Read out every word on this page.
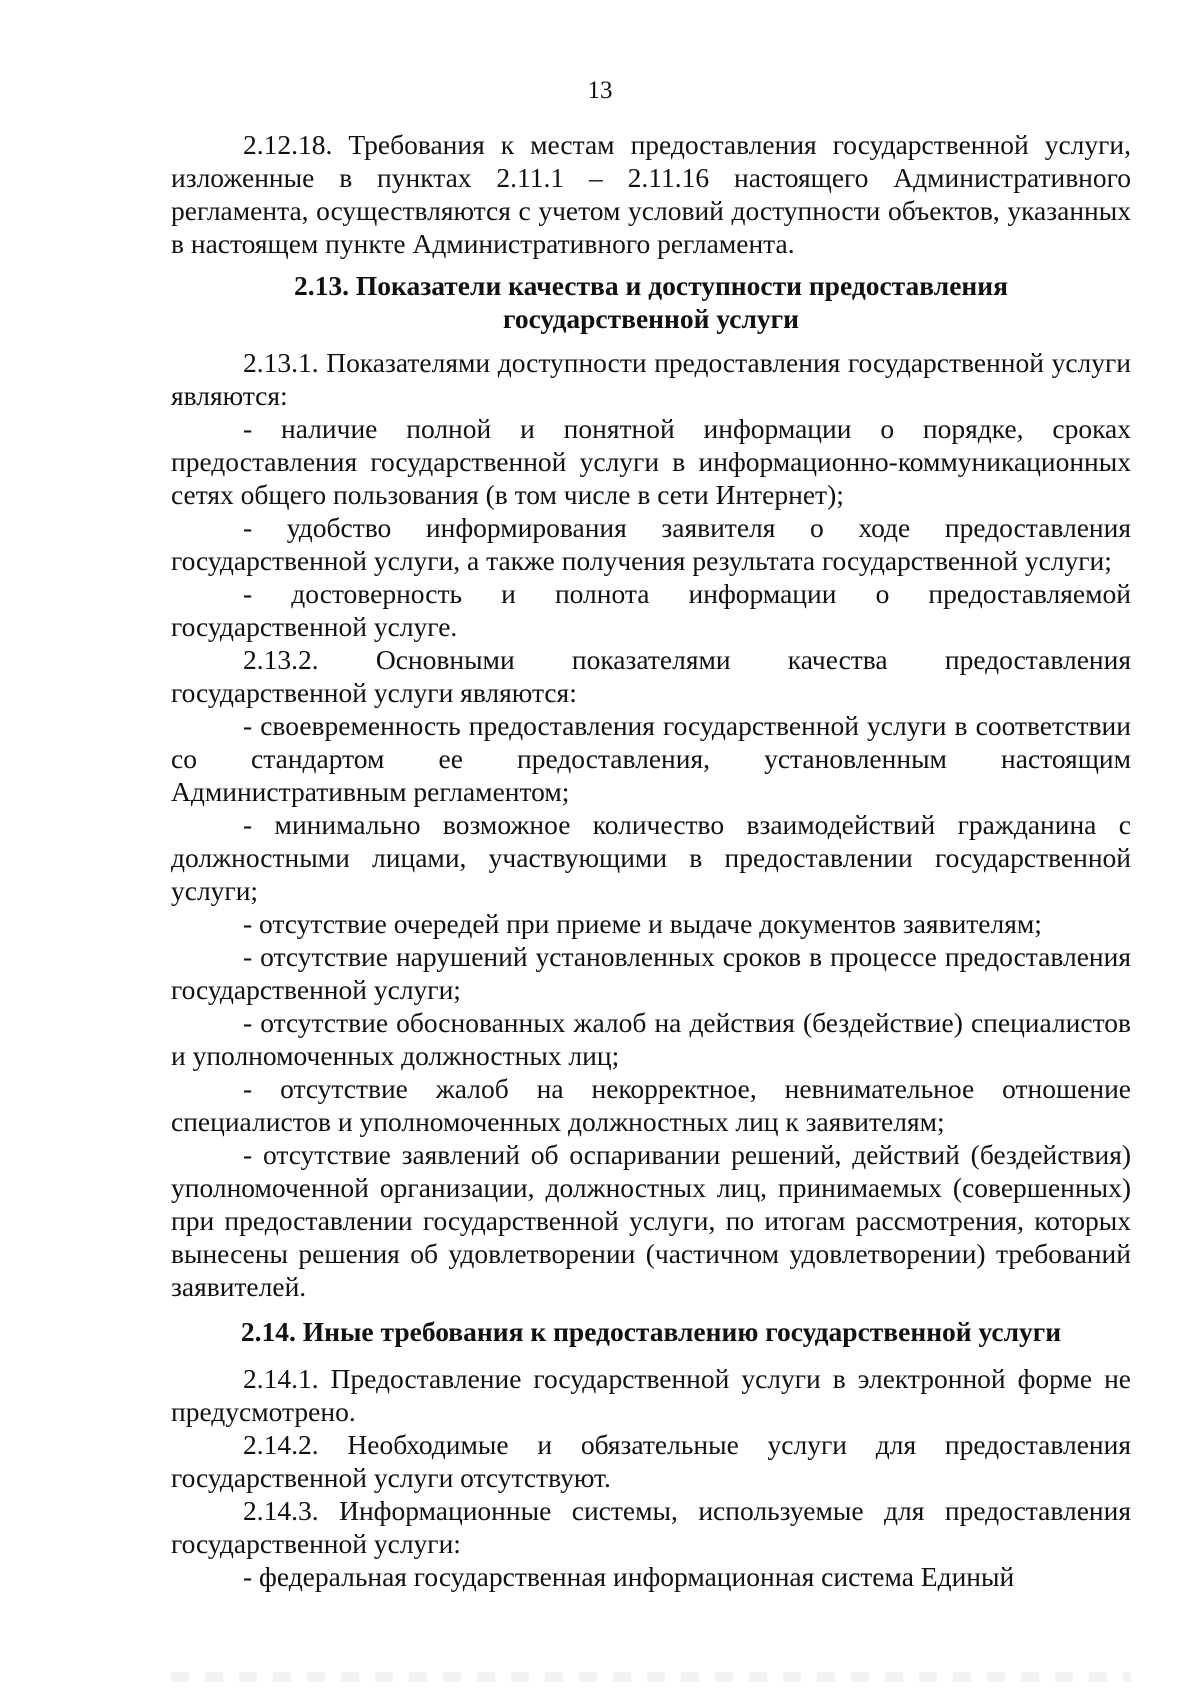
13

2.12.18. Требования к местам предоставления государственной услуги, изложенные в пунктах 2.11.1 – 2.11.16 настоящего Административного регламента, осуществляются с учетом условий доступности объектов, указанных в настоящем пункте Административного регламента.

2.13. Показатели качества и доступности предоставления
государственной услуги

2.13.1. Показателями доступности предоставления государственной услуги являются:

- наличие полной и понятной информации о порядке, сроках предоставления государственной услуги в информационно-коммуникационных сетях общего пользования (в том числе в сети Интернет);

- удобство информирования заявителя о ходе предоставления государственной услуги, а также получения результата государственной услуги;

- достоверность и полнота информации о предоставляемой государственной услуге.

2.13.2. Основными показателями качества предоставления государственной услуги являются:

- своевременность предоставления государственной услуги в соответствии со стандартом ее предоставления, установленным настоящим Административным регламентом;

- минимально возможное количество взаимодействий гражданина с должностными лицами, участвующими в предоставлении государственной услуги;

- отсутствие очередей при приеме и выдаче документов заявителям;

- отсутствие нарушений установленных сроков в процессе предоставления государственной услуги;

- отсутствие обоснованных жалоб на действия (бездействие) специалистов и уполномоченных должностных лиц;

- отсутствие жалоб на некорректное, невнимательное отношение специалистов и уполномоченных должностных лиц к заявителям;

- отсутствие заявлений об оспаривании решений, действий (бездействия) уполномоченной организации, должностных лиц, принимаемых (совершенных) при предоставлении государственной услуги, по итогам рассмотрения, которых вынесены решения об удовлетворении (частичном удовлетворении) требований заявителей.

2.14. Иные требования к предоставлению государственной услуги

2.14.1. Предоставление государственной услуги в электронной форме не предусмотрено.

2.14.2. Необходимые и обязательные услуги для предоставления государственной услуги отсутствуют.

2.14.3. Информационные системы, используемые для предоставления государственной услуги:

- федеральная государственная информационная система Единый
